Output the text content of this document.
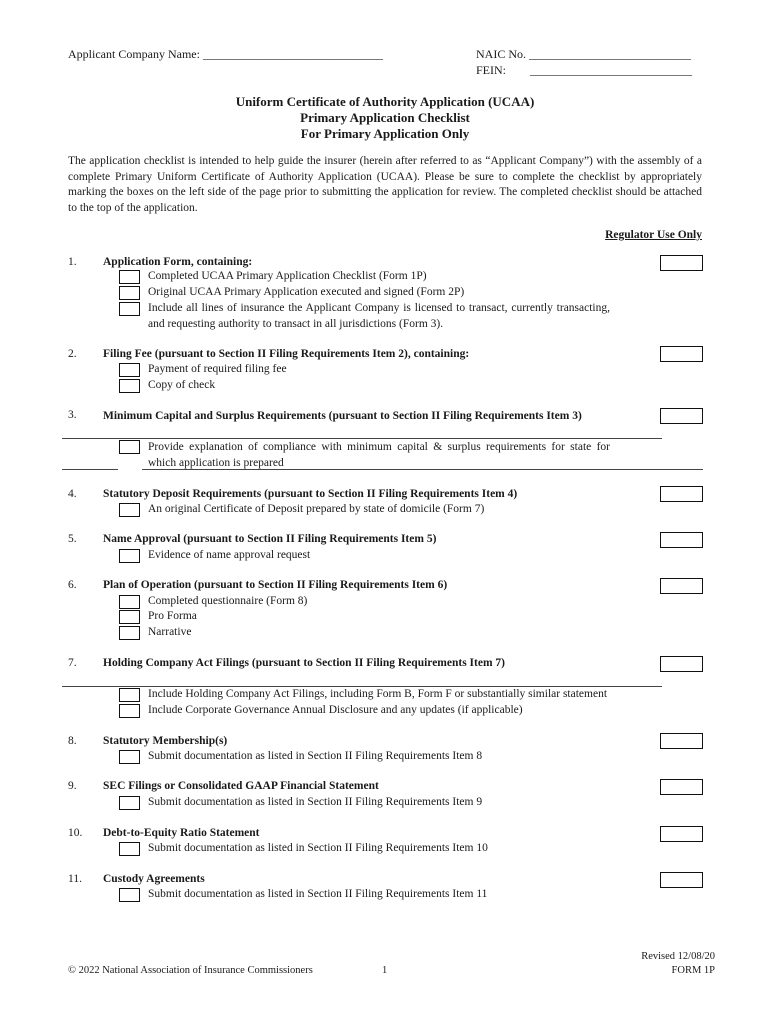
Applicant Company Name: ______________________________	NAIC No. ___________________________
FEIN: ___________________________
Uniform Certificate of Authority Application (UCAA)
Primary Application Checklist
For Primary Application Only
The application checklist is intended to help guide the insurer (herein after referred to as “Applicant Company”) with the assembly of a complete Primary Uniform Certificate of Authority Application (UCAA). Please be sure to complete the checklist by appropriately marking the boxes on the left side of the page prior to submitting the application for review. The completed checklist should be attached to the top of the application.
Regulator Use Only
1. Application Form, containing:
Completed UCAA Primary Application Checklist (Form 1P)
Original UCAA Primary Application executed and signed (Form 2P)
Include all lines of insurance the Applicant Company is licensed to transact, currently transacting, and requesting authority to transact in all jurisdictions (Form 3).
2. Filing Fee (pursuant to Section II Filing Requirements Item 2), containing:
Payment of required filing fee
Copy of check
3. Minimum Capital and Surplus Requirements (pursuant to Section II Filing Requirements Item 3)
Provide explanation of compliance with minimum capital & surplus requirements for state for which application is prepared
4. Statutory Deposit Requirements (pursuant to Section II Filing Requirements Item 4)
An original Certificate of Deposit prepared by state of domicile (Form 7)
5. Name Approval (pursuant to Section II Filing Requirements Item 5)
Evidence of name approval request
6. Plan of Operation (pursuant to Section II Filing Requirements Item 6)
Completed questionnaire (Form 8)
Pro Forma
Narrative
7. Holding Company Act Filings (pursuant to Section II Filing Requirements Item 7)
Include Holding Company Act Filings, including Form B, Form F or substantially similar statement
Include Corporate Governance Annual Disclosure and any updates (if applicable)
8. Statutory Membership(s)
Submit documentation as listed in Section II Filing Requirements Item 8
9. SEC Filings or Consolidated GAAP Financial Statement
Submit documentation as listed in Section II Filing Requirements Item 9
10. Debt-to-Equity Ratio Statement
Submit documentation as listed in Section II Filing Requirements Item 10
11. Custody Agreements
Submit documentation as listed in Section II Filing Requirements Item 11
© 2022 National Association of Insurance Commissioners	1
Revised 12/08/20
FORM 1P
